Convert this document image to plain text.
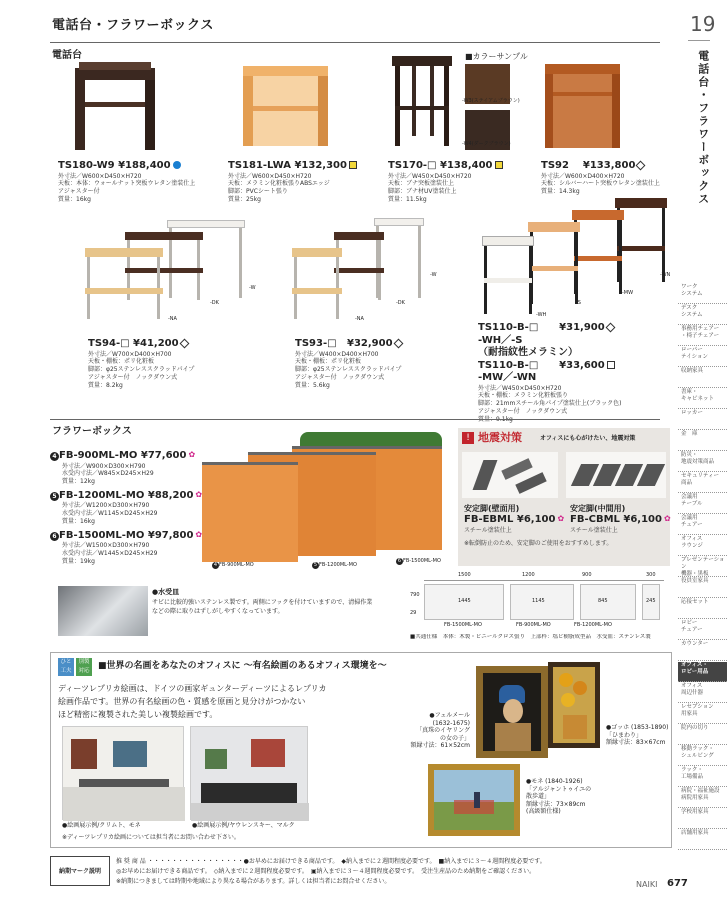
電話台・フラワーボックス	19
電話台・フラワーボックス
電話台	■カラーサンプル
-W3(ステイアムブラウン)
-W4(ダークブラウン)
TS180-W9 ¥188,400
外寸法／W600×D450×H720
天板：本体：ウォールナット突板ウレタン塗装仕上
アジャスター付
質量：16kg
TS181-LWA ¥132,300
外寸法／W600×D450×H720
天板：メラミン化粧板張りABSエッジ
脚部：PVCシート張り
質量：25kg
TS170-□ ¥138,400
外寸法／W450×D450×H720
天板：ブナ突板塗装仕上
脚部：ブナ材UV塗装仕上
質量：11.5kg
TS92 ¥133,800
外寸法／W600×D400×H720
天板：シルバーハート突板ウレタン塗装仕上
質量：14.3kg
-W
-DK
-NA
-W
-DK
-NA
-WN
-MW
-S
-WH
TS94-□ ¥41,200
外寸法／W700×D400×H700
天板・棚板：ポリ化粧板
脚部：φ25ステンレススクラッドパイプ
アジャスター付　ノックダウン式
質量：8.2kg
TS93-□ ¥32,900
外寸法／W400×D400×H700
天板・棚板：ポリ化粧板
脚部：φ25ステンレススクラッドパイプ
アジャスター付　ノックダウン式
質量：5.6kg
TS110-B-□ ¥31,900
-WH／-S
（耐指紋性メラミン）
TS110-B-□ ¥33,600
-MW／-WN
外寸法／W450×D450×H720
天板・棚板：メラミン化粧板張り
脚部：21mmスチール角パイプ塗装仕上(ブラック色)
アジャスター付　ノックダウン式
フラワーボックス
4 FB-900ML-MO ¥77,600 ✿
外寸法／W900×D300×H790
水受内寸法／W845×D245×H29
質量：12kg
5 FB-1200ML-MO ¥88,200 ✿
外寸法／W1200×D300×H790
水受内寸法／W1145×D245×H29
質量：16kg
6 FB-1500ML-MO ¥97,800 ✿
外寸法／W1500×D300×H790
水受内寸法／W1445×D245×H29
質量：19kg
4 FB-900ML-MO	5 FB-1200ML-MO
6 FB-1500ML-MO
! 地震対策	オフィスにも心がけたい、地震対策
安定脚(壁面用)
FB-EBML ¥6,100 ✿
スチール塗装仕上
安定脚(中間用)
FB-CBML ¥6,100 ✿
スチール塗装仕上
※転倒防止のため、安定脚のご使用をおすすめします。
●水受皿
サビに比較的強いステンレス製です。両側にフックを付けていますので、清掃作業
などの際に取りはずしがしやすくなっています。
1500	1200	900	300
1445	1145	845	245
790
29
FB-1500ML-MO	FB-900ML-MO	FB-1200ML-MO
■共通仕様　本体：木製・ビニールクロス張り　上部枠：塩ビ樹脂成型品　水受皿：ステンレス製
ひと工夫
別製対応 ■世界の名画をあなたのオフィスに ～有名絵画のあるオフィス環境を～
ディーツレプリカ絵画は、ドイツの画家ギュンターディーツによるレプリカ
絵画作品です。世界の有名絵画の色・質感を原画と見分けがつかない
ほど精密に複製された美しい複製絵画です。
●絵画展示例/クリムト、モネ	●絵画展示例/ヤウレンスキー、マルク
※ディーツレプリカ絵画については担当者にお問い合わせ下さい。
●フェルメール
(1632-1675)
「真珠のイヤリング
の女の子」
額縁寸法：61×52cm
●ゴッホ (1853-1890)
「ひまわり」
額縁寸法：83×67cm
●モネ (1840-1926)
「アルジャントゥイユの
散歩道」
額縁寸法：73×89cm
(高級額仕様)
納期マーク説明
推 奨 商 品 ・・・・・・・・・・・・・・・・●お早めにお届けできる商品です。　◆納入までに２週間程度必要です。　■納入までに３～４週間程度必要です。
◎お早めにお届けできる商品です。　◇納入までに２週間程度必要です。　▣納入までに３～４週間程度必要です。　受注生産品のため納期をご確認ください。
※納期につきましては時期や地域により異なる場合があります。詳しくは担当者にお問合せください。	NAIKI 677
ワーク
システム
デスク
システム
事務用チェアー
・椅子チェアー
ローパー
テイション
収納家具
書庫・
キャビネット
ロッカー
金　庫
防災・
地震対策商品
セキュリティー
商品
会議用
テーブル
会議用
チェアー
オフィス
ラウンジ
プレゼンテーション
機器・黒板
役員室家具
応接セット
ロビー
チェアー
カウンター
オフィス・
ロビー用品
オフィス
周辺什器
レセプション
用家具
院内の切り
移動ラック・
シェルビング
ラック・
工場備品
病院・福祉施設
病院用家具
学校用家具
店舗用家具
